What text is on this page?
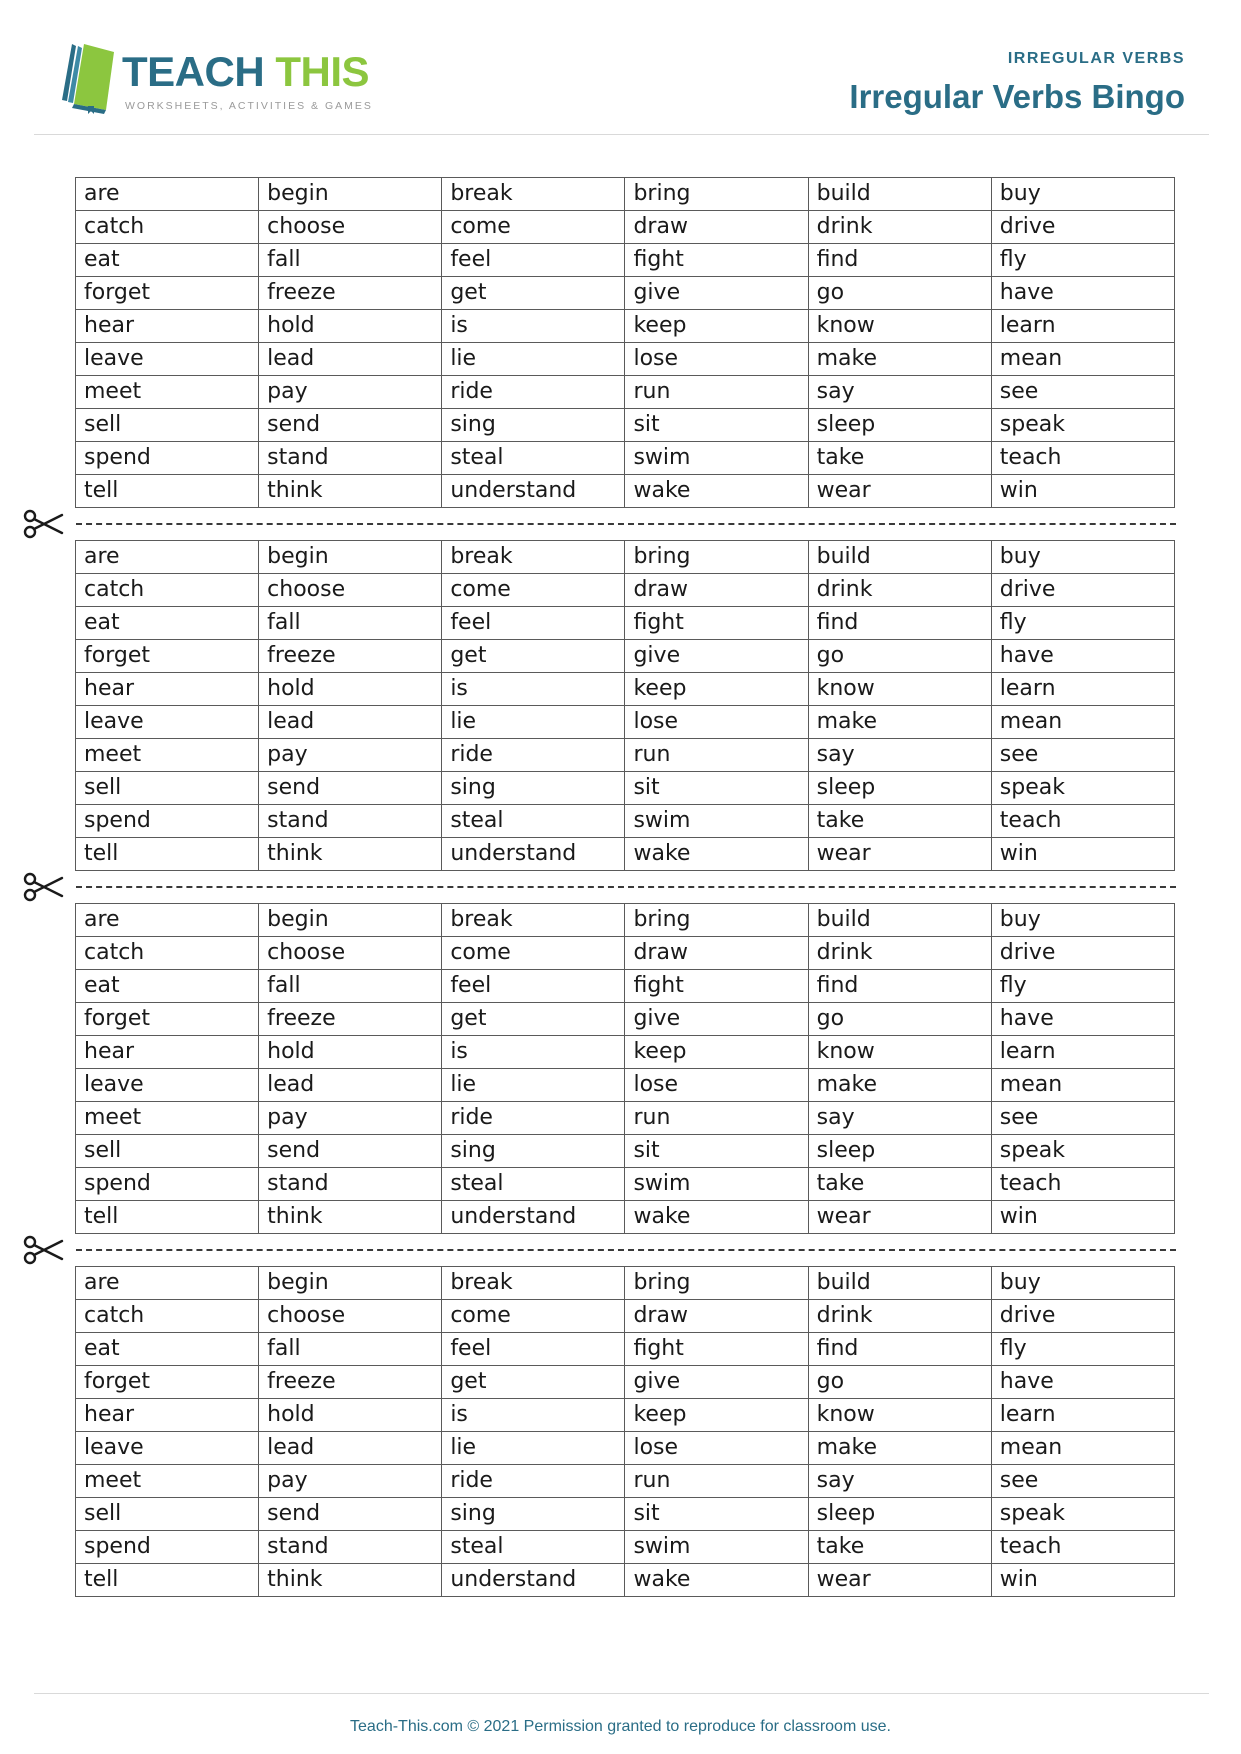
TEACH THIS
WORKSHEETS, ACTIVITIES & GAMES
IRREGULAR VERBS
Irregular Verbs Bingo
are	begin	break	bring	build	buy
catch	choose	come	draw	drink	drive
eat	fall	feel	fight	find	fly
forget	freeze	get	give	go	have
hear	hold	is	keep	know	learn
leave	lead	lie	lose	make	mean
meet	pay	ride	run	say	see
sell	send	sing	sit	sleep	speak
spend	stand	steal	swim	take	teach
tell	think	understand	wake	wear	win
are	begin	break	bring	build	buy
catch	choose	come	draw	drink	drive
eat	fall	feel	fight	find	fly
forget	freeze	get	give	go	have
hear	hold	is	keep	know	learn
leave	lead	lie	lose	make	mean
meet	pay	ride	run	say	see
sell	send	sing	sit	sleep	speak
spend	stand	steal	swim	take	teach
tell	think	understand	wake	wear	win
are	begin	break	bring	build	buy
catch	choose	come	draw	drink	drive
eat	fall	feel	fight	find	fly
forget	freeze	get	give	go	have
hear	hold	is	keep	know	learn
leave	lead	lie	lose	make	mean
meet	pay	ride	run	say	see
sell	send	sing	sit	sleep	speak
spend	stand	steal	swim	take	teach
tell	think	understand	wake	wear	win
are	begin	break	bring	build	buy
catch	choose	come	draw	drink	drive
eat	fall	feel	fight	find	fly
forget	freeze	get	give	go	have
hear	hold	is	keep	know	learn
leave	lead	lie	lose	make	mean
meet	pay	ride	run	say	see
sell	send	sing	sit	sleep	speak
spend	stand	steal	swim	take	teach
tell	think	understand	wake	wear	win
Teach-This.com © 2021 Permission granted to reproduce for classroom use.
